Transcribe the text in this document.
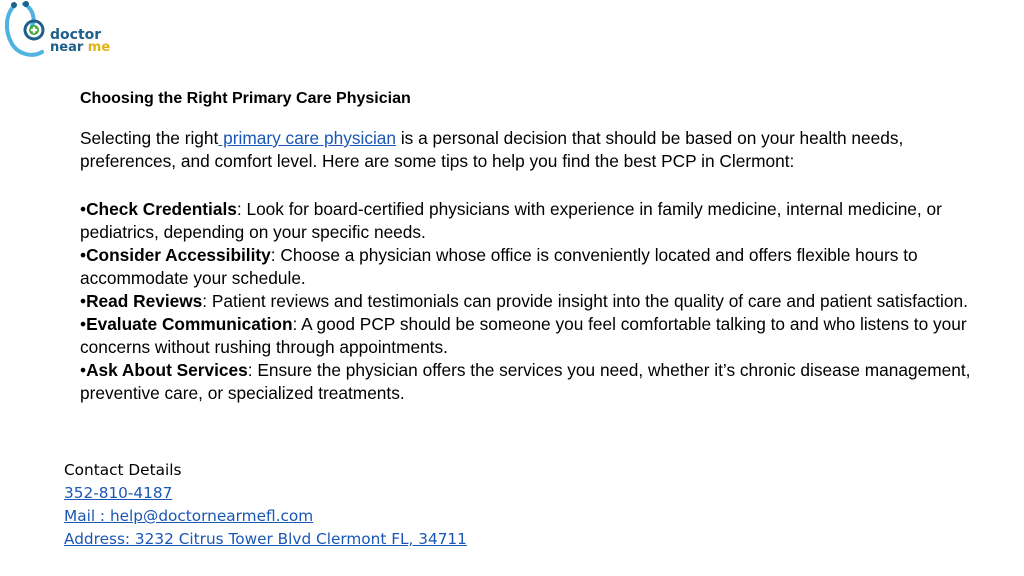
doctor
near me
Choosing the Right Primary Care Physician
Selecting the right primary care physician is a personal decision that should be based on your health needs, preferences, and comfort level. Here are some tips to help you find the best PCP in Clermont:
•Check Credentials: Look for board-certified physicians with experience in family medicine, internal medicine, or pediatrics, depending on your specific needs.
•Consider Accessibility: Choose a physician whose office is conveniently located and offers flexible hours to accommodate your schedule.
•Read Reviews: Patient reviews and testimonials can provide insight into the quality of care and patient satisfaction.
•Evaluate Communication: A good PCP should be someone you feel comfortable talking to and who listens to your concerns without rushing through appointments.
•Ask About Services: Ensure the physician offers the services you need, whether it’s chronic disease management, preventive care, or specialized treatments.
Contact Details
352-810-4187
Mail : help@doctornearmefl.com
Address: 3232 Citrus Tower Blvd Clermont FL, 34711
